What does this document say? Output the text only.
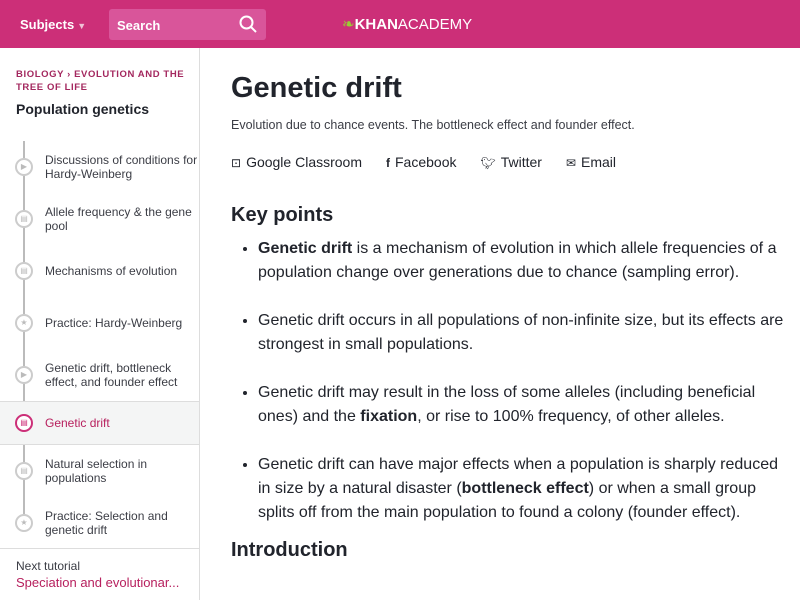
Subjects ▼	Search	❧KHANACADEMY
BIOLOGY › EVOLUTION AND THE TREE OF LIFE
Population genetics
▶	Discussions of conditions for Hardy-Weinberg
▤	Allele frequency & the gene pool
▤	Mechanisms of evolution
★	Practice: Hardy-Weinberg
▶	Genetic drift, bottleneck effect, and founder effect
▤	Genetic drift
▤	Natural selection in populations
★	Practice: Selection and genetic drift
Next tutorial
Speciation and evolutionar...
Genetic drift
Evolution due to chance events. The bottleneck effect and founder effect.
⊡ Google Classroom f Facebook 🐦︎ Twitter ✉ Email
Key points
• Genetic drift is a mechanism of evolution in which allele frequencies of a population change over generations due to chance (sampling error).
• Genetic drift occurs in all populations of non-infinite size, but its effects are strongest in small populations.
• Genetic drift may result in the loss of some alleles (including beneficial ones) and the fixation, or rise to 100% frequency, of other alleles.
• Genetic drift can have major effects when a population is sharply reduced in size by a natural disaster (bottleneck effect) or when a small group splits off from the main population to found a colony (founder effect).
Introduction
